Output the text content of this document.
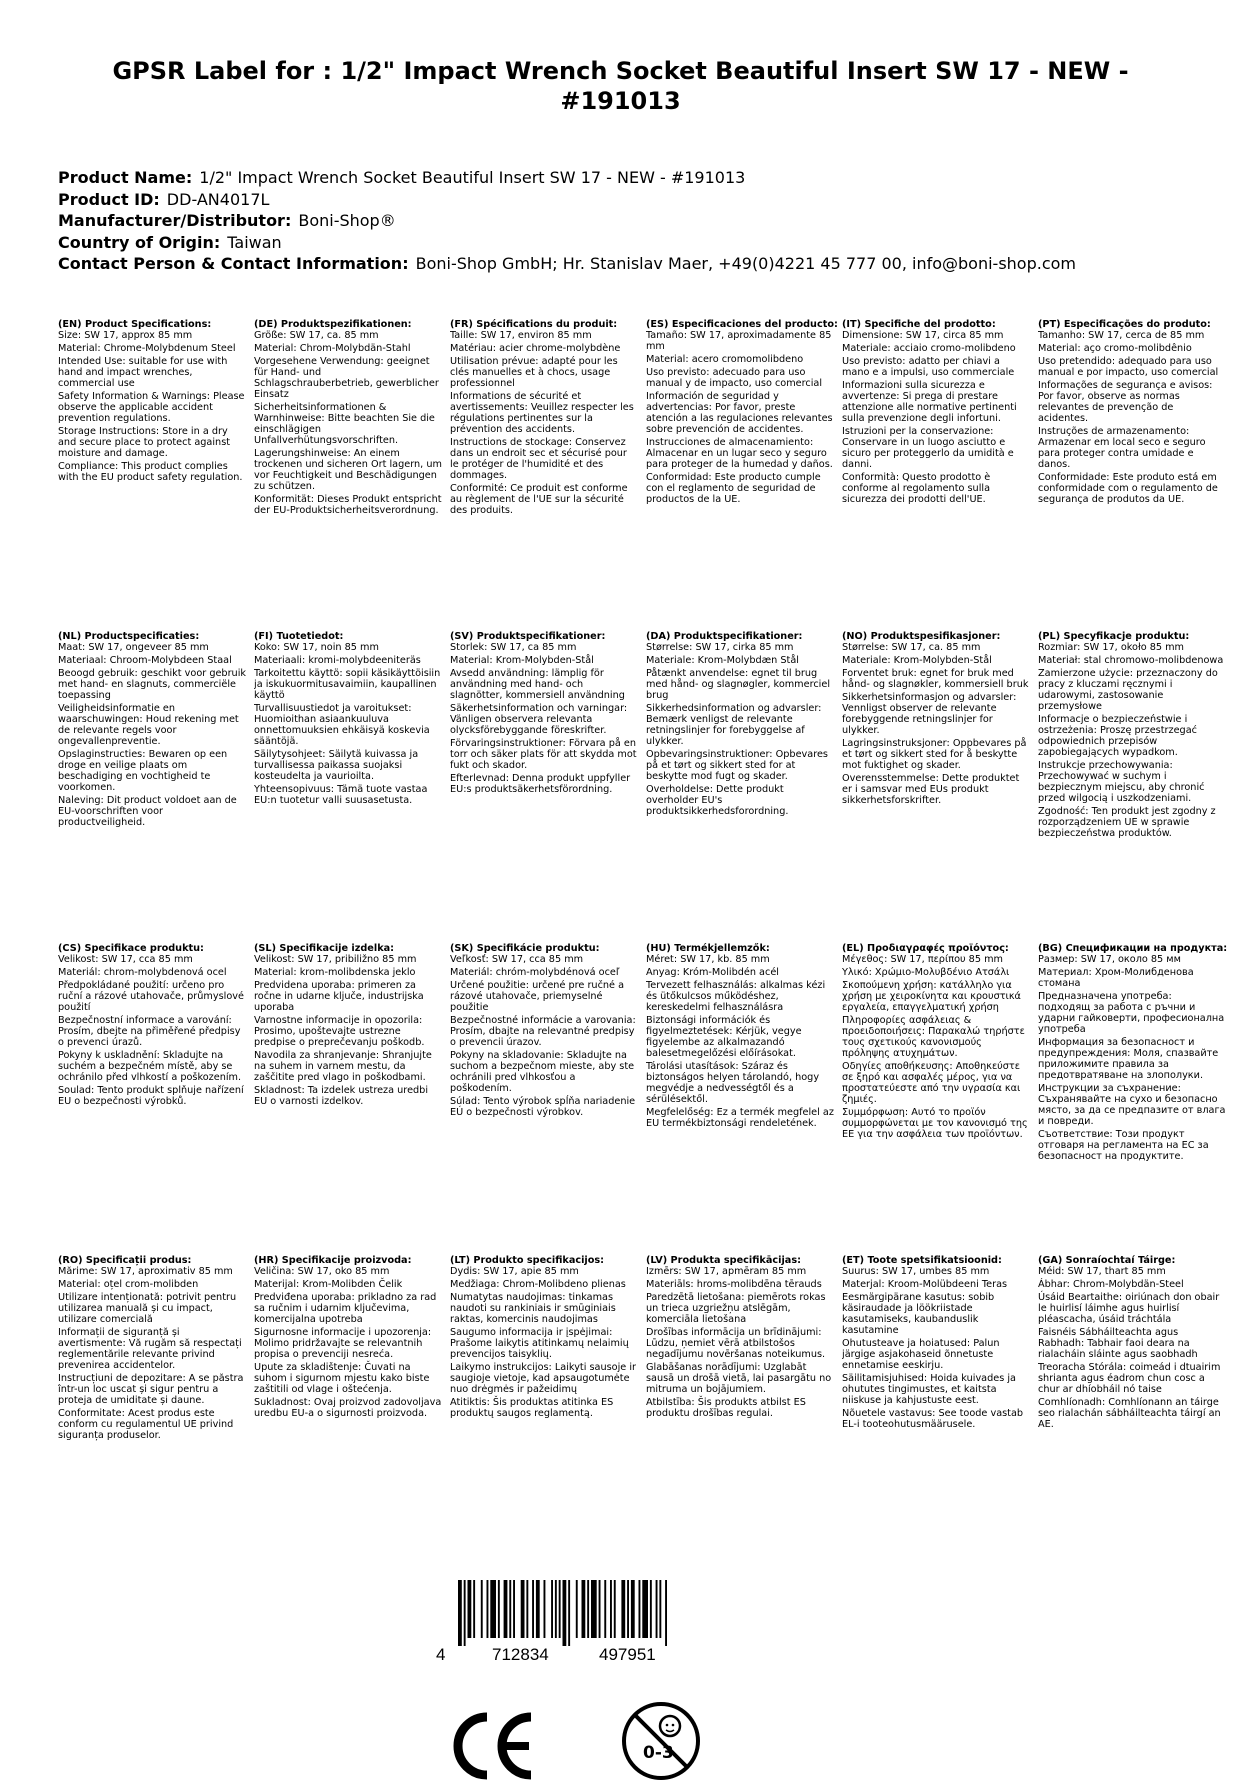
GPSR Label for : 1/2" Impact Wrench Socket Beautiful Insert SW 17 - NEW - #191013
Product Name: 1/2" Impact Wrench Socket Beautiful Insert SW 17 - NEW - #191013
Product ID: DD-AN4017L
Manufacturer/Distributor: Boni-Shop®
Country of Origin: Taiwan
Contact Person & Contact Information: Boni-Shop GmbH; Hr. Stanislav Maer, +49(0)4221 45 777 00, info@boni-shop.com
(EN) Product Specifications:
Size: SW 17, approx 85 mm
Material: Chrome-Molybdenum Steel
Intended Use: suitable for use with hand and impact wrenches, commercial use
Safety Information & Warnings: Please observe the applicable accident prevention regulations.
Storage Instructions: Store in a dry and secure place to protect against moisture and damage.
Compliance: This product complies with the EU product safety regulation.
(DE) Produktspezifikationen:
Größe: SW 17, ca. 85 mm
Material: Chrom-Molybdän-Stahl
Vorgesehene Verwendung: geeignet für Hand- und Schlagschrauberbetrieb, gewerblicher Einsatz
Sicherheitsinformationen & Warnhinweise: Bitte beachten Sie die einschlägigen Unfallverhütungsvorschriften.
Lagerungshinweise: An einem trockenen und sicheren Ort lagern, um vor Feuchtigkeit und Beschädigungen zu schützen.
Konformität: Dieses Produkt entspricht der EU-Produktsicherheitsverordnung.
(FR) Spécifications du produit:
Taille: SW 17, environ 85 mm
Matériau: acier chrome-molybdène
Utilisation prévue: adapté pour les clés manuelles et à chocs, usage professionnel
Informations de sécurité et avertissements: Veuillez respecter les régulations pertinentes sur la prévention des accidents.
Instructions de stockage: Conservez dans un endroit sec et sécurisé pour le protéger de l'humidité et des dommages.
Conformité: Ce produit est conforme au règlement de l'UE sur la sécurité des produits.
(ES) Especificaciones del producto:
Tamaño: SW 17, aproximadamente 85 mm
Material: acero cromomolibdeno
Uso previsto: adecuado para uso manual y de impacto, uso comercial
Información de seguridad y advertencias: Por favor, preste atención a las regulaciones relevantes sobre prevención de accidentes.
Instrucciones de almacenamiento: Almacenar en un lugar seco y seguro para proteger de la humedad y daños.
Conformidad: Este producto cumple con el reglamento de seguridad de productos de la UE.
(IT) Specifiche del prodotto:
Dimensione: SW 17, circa 85 mm
Materiale: acciaio cromo-molibdeno
Uso previsto: adatto per chiavi a mano e a impulsi, uso commerciale
Informazioni sulla sicurezza e avvertenze: Si prega di prestare attenzione alle normative pertinenti sulla prevenzione degli infortuni.
Istruzioni per la conservazione: Conservare in un luogo asciutto e sicuro per proteggerlo da umidità e danni.
Conformità: Questo prodotto è conforme al regolamento sulla sicurezza dei prodotti dell'UE.
(PT) Especificações do produto:
Tamanho: SW 17, cerca de 85 mm
Material: aço cromo-molibdênio
Uso pretendido: adequado para uso manual e por impacto, uso comercial
Informações de segurança e avisos: Por favor, observe as normas relevantes de prevenção de acidentes.
Instruções de armazenamento: Armazenar em local seco e seguro para proteger contra umidade e danos.
Conformidade: Este produto está em conformidade com o regulamento de segurança de produtos da UE.
(NL) Productspecificaties:
Maat: SW 17, ongeveer 85 mm
Materiaal: Chroom-Molybdeen Staal
Beoogd gebruik: geschikt voor gebruik met hand- en slagnuts, commerciële toepassing
Veiligheidsinformatie en waarschuwingen: Houd rekening met de relevante regels voor ongevallenpreventie.
Opslaginstructies: Bewaren op een droge en veilige plaats om beschadiging en vochtigheid te voorkomen.
Naleving: Dit product voldoet aan de EU-voorschriften voor productveiligheid.
(FI) Tuotetiedot:
Koko: SW 17, noin 85 mm
Materiaali: kromi-molybdeeniteräs
Tarkoitettu käyttö: sopii käsikäyttöisiin ja iskukuormitusavaimiin, kaupallinen käyttö
Turvallisuustiedot ja varoitukset: Huomioithan asiaankuuluva onnettomuuksien ehkäisyä koskevia sääntöjä.
Säilytysohjeet: Säilytä kuivassa ja turvallisessa paikassa suojaksi kosteudelta ja vaurioilta.
Yhteensopivuus: Tämä tuote vastaa EU:n tuotetur valli suusasetusta.
(SV) Produktspecifikationer:
Storlek: SW 17, ca 85 mm
Material: Krom-Molybden-Stål
Avsedd användning: lämplig för användning med hand- och slagnötter, kommersiell användning
Säkerhetsinformation och varningar: Vänligen observera relevanta olycksförebyggande föreskrifter.
Förvaringsinstruktioner: Förvara på en torr och säker plats för att skydda mot fukt och skador.
Efterlevnad: Denna produkt uppfyller EU:s produktsäkerhetsförordning.
(DA) Produktspecifikationer:
Størrelse: SW 17, cirka 85 mm
Materiale: Krom-Molybdæn Stål
Påtænkt anvendelse: egnet til brug med hånd- og slagnøgler, kommerciel brug
Sikkerhedsinformation og advarsler: Bemærk venligst de relevante retningslinjer for forebyggelse af ulykker.
Opbevaringsinstruktioner: Opbevares på et tørt og sikkert sted for at beskytte mod fugt og skader.
Overholdelse: Dette produkt overholder EU's produktsikkerhedsforordning.
(NO) Produktspesifikasjoner:
Størrelse: SW 17, ca. 85 mm
Materiale: Krom-Molybden-Stål
Forventet bruk: egnet for bruk med hånd- og slagnøkler, kommersiell bruk
Sikkerhetsinformasjon og advarsler: Vennligst observer de relevante forebyggende retningslinjer for ulykker.
Lagringsinstruksjoner: Oppbevares på et tørt og sikkert sted for å beskytte mot fuktighet og skader.
Overensstemmelse: Dette produktet er i samsvar med EUs produkt sikkerhetsforskrifter.
(PL) Specyfikacje produktu:
Rozmiar: SW 17, około 85 mm
Materiał: stal chromowo-molibdenowa
Zamierzone użycie: przeznaczony do pracy z kluczami ręcznymi i udarowymi, zastosowanie przemysłowe
Informacje o bezpieczeństwie i ostrzeżenia: Proszę przestrzegać odpowiednich przepisów zapobiegających wypadkom.
Instrukcje przechowywania: Przechowywać w suchym i bezpiecznym miejscu, aby chronić przed wilgocią i uszkodzeniami.
Zgodność: Ten produkt jest zgodny z rozporządzeniem UE w sprawie bezpieczeństwa produktów.
(CS) Specifikace produktu:
Velikost: SW 17, cca 85 mm
Materiál: chrom-molybdenová ocel
Předpokládané použití: určeno pro ruční a rázové utahovače, průmyslové použití
Bezpečnostní informace a varování: Prosím, dbejte na přiměřené předpisy o prevenci úrazů.
Pokyny k uskladnění: Skladujte na suchém a bezpečném místě, aby se ochránilo před vlhkostí a poškozením.
Soulad: Tento produkt splňuje nařízení EU o bezpečnosti výrobků.
(SL) Specifikacije izdelka:
Velikost: SW 17, pribiližno 85 mm
Material: krom-molibdenska jeklo
Predvidena uporaba: primeren za ročne in udarne ključe, industrijska uporaba
Varnostne informacije in opozorila: Prosimo, upoštevajte ustrezne predpise o preprečevanju poškodb.
Navodila za shranjevanje: Shranjujte na suhem in varnem mestu, da zaščitite pred vlago in poškodbami.
Skladnost: Ta izdelek ustreza uredbi EU o varnosti izdelkov.
(SK) Špecifikácie produktu:
Veľkosť: SW 17, cca 85 mm
Materiál: chróm-molybdénová oceľ
Určené použitie: určené pre ručné a rázové utahovače, priemyselné použitie
Bezpečnostné informácie a varovania: Prosím, dbajte na relevantné predpisy o prevencii úrazov.
Pokyny na skladovanie: Skladujte na suchom a bezpečnom mieste, aby ste ochránili pred vlhkosťou a poškodením.
Súlad: Tento výrobok spĺňa nariadenie EÚ o bezpečnosti výrobkov.
(HU) Termékjellemzők:
Méret: SW 17, kb. 85 mm
Anyag: Króm-Molibdén acél
Tervezett felhasználás: alkalmas kézi és ütőkulcsos működéshez, kereskedelmi felhasználásra
Biztonsági információk és figyelmeztetések: Kérjük, vegye figyelembe az alkalmazandó balesetmegelőzési előírásokat.
Tárolási utasítások: Száraz és biztonságos helyen tárolandó, hogy megvédje a nedvességtől és a sérülésektől.
Megfelelőség: Ez a termék megfelel az EU termékbiztonsági rendeletének.
(EL) Προδιαγραφές προϊόντος:
Μέγεθος: SW 17, περίπου 85 mm
Υλικό: Χρώμιο-Μολυβδένιο Ατσάλι
Σκοπούμενη χρήση: κατάλληλο για χρήση με χειροκίνητα και κρουστικά εργαλεία, επαγγελματική χρήση
Πληροφορίες ασφάλειας & προειδοποιήσεις: Παρακαλώ τηρήστε τους σχετικούς κανονισμούς πρόληψης ατυχημάτων.
Οδηγίες αποθήκευσης: Αποθηκεύστε σε ξηρό και ασφαλές μέρος, για να προστατεύεστε από την υγρασία και ζημιές.
Συμμόρφωση: Αυτό το προϊόν συμμορφώνεται με τον κανονισμό της ΕΕ για την ασφάλεια των προϊόντων.
(BG) Спецификации на продукта:
Размер: SW 17, около 85 мм
Материал: Хром-Молибденова стомана
Предназначена употреба: подходящ за работа с ръчни и ударни гайковерти, професионална употреба
Информация за безопасност и предупреждения: Моля, спазвайте приложимите правила за предотвратяване на злополуки.
Инструкции за съхранение: Съхранявайте на сухо и безопасно място, за да се предпазите от влага и повреди.
Съответствие: Този продукт отговаря на регламента на ЕС за безопасност на продуктите.
(RO) Specificații produs:
Mărime: SW 17, aproximativ 85 mm
Material: oțel crom-molibden
Utilizare intenționată: potrivit pentru utilizarea manuală și cu impact, utilizare comercială
Informații de siguranță și avertismente: Vă rugăm să respectați reglementările relevante privind prevenirea accidentelor.
Instrucțiuni de depozitare: A se păstra într-un loc uscat și sigur pentru a proteja de umiditate și daune.
Conformitate: Acest produs este conform cu regulamentul UE privind siguranța produselor.
(HR) Specifikacije proizvoda:
Veličina: SW 17, oko 85 mm
Materijal: Krom-Molibden Čelik
Predviđena uporaba: prikladno za rad sa ručnim i udarnim ključevima, komercijalna upotreba
Sigurnosne informacije i upozorenja: Molimo pridržavajte se relevantnih propisa o prevenciji nesreća.
Upute za skladištenje: Čuvati na suhom i sigurnom mjestu kako biste zaštitili od vlage i oštećenja.
Sukladnost: Ovaj proizvod zadovoljava uredbu EU-a o sigurnosti proizvoda.
(LT) Produkto specifikacijos:
Dydis: SW 17, apie 85 mm
Medžiaga: Chrom-Molibdeno plienas
Numatytas naudojimas: tinkamas naudoti su rankiniais ir smūginiais raktas, komercinis naudojimas
Saugumo informacija ir įspėjimai: Prašome laikytis atitinkamų nelaimių prevencijos taisyklių.
Laikymo instrukcijos: Laikyti sausoje ir saugioje vietoje, kad apsaugotumėte nuo drėgmės ir pažeidimų
Atitiktis: Šis produktas atitinka ES produktų saugos reglamentą.
(LV) Produkta specifikācijas:
Izmērs: SW 17, apmēram 85 mm
Materiāls: hroms-molibdēna tērauds
Paredzētā lietošana: piemērots rokas un trieca uzgriežņu atslēgām, komerciāla lietošana
Drošības informācija un brīdinājumi: Lūdzu, ņemiet vērā atbilstošos negadījumu novēršanas noteikumus.
Glabāšanas norādījumi: Uzglabāt sausā un drošā vietā, lai pasargātu no mitruma un bojājumiem.
Atbilstība: Šis produkts atbilst ES produktu drošības regulai.
(ET) Toote spetsifikatsioonid:
Suurus: SW 17, umbes 85 mm
Materjal: Kroom-Molübdeeni Teras
Eesmärgipärane kasutus: sobib käsiraudade ja löökriistade kasutamiseks, kaubanduslik kasutamine
Ohutusteave ja hoiatused: Palun järgige asjakohaseid õnnetuste ennetamise eeskirju.
Säilitamisjuhised: Hoida kuivades ja ohututes tingimustes, et kaitsta niiskuse ja kahjustuste eest.
Nõuetele vastavus: See toode vastab EL-i tooteohutusmäärusele.
(GA) Sonraíochtaí Táirge:
Méid: SW 17, thart 85 mm
Ábhar: Chrom-Molybdän-Steel
Úsáid Beartaithe: oiriúnach don obair le huirlisí láimhe agus huirlisí pléascacha, úsáid tráchtála
Faisnéis Sábháilteachta agus Rabhadh: Tabhair faoi deara na rialacháin sláinte agus saobhadh
Treoracha Stórála: coimeád i dtuairim shrianta agus éadrom chun cosc a chur ar dhíobháil nó taise
Comhlíonadh: Comhlíonann an táirge seo rialachán sábháilteachta táirgí an AE.
4	712834	497951
0-3
